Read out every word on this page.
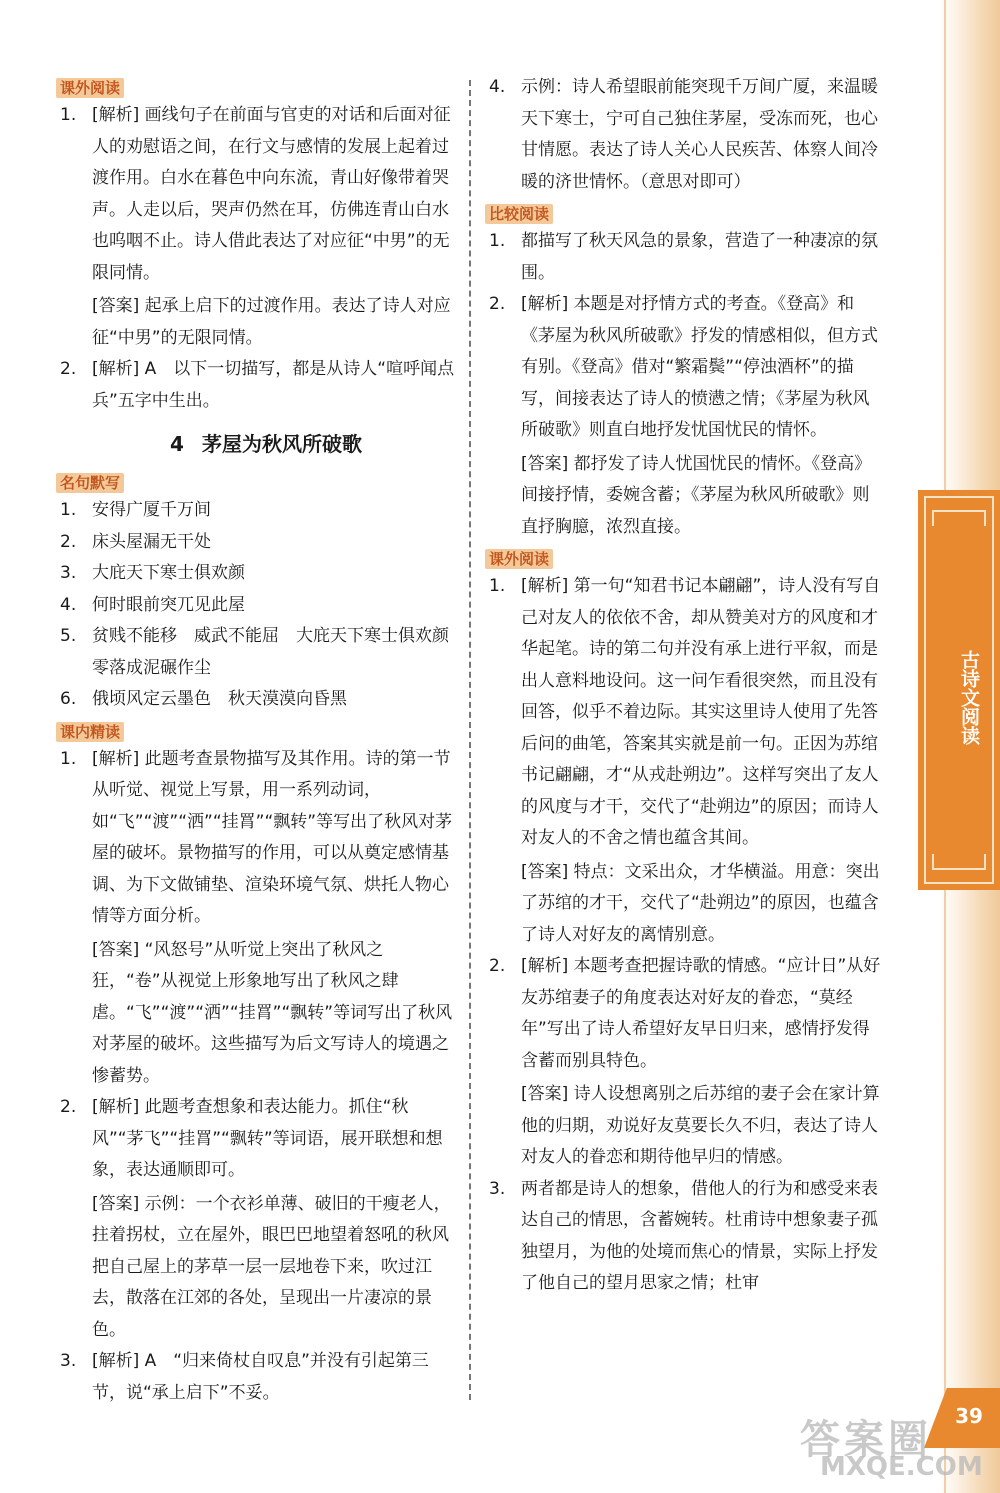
古诗文阅读
课外阅读
1. [解析] 画线句子在前面与官吏的对话和后面对征人的劝慰语之间，在行文与感情的发展上起着过渡作用。白水在暮色中向东流，青山好像带着哭声。人走以后，哭声仍然在耳，仿佛连青山白水也呜咽不止。诗人借此表达了对应征“中男”的无限同情。
[答案] 起承上启下的过渡作用。表达了诗人对应征“中男”的无限同情。
2. [解析] A　以下一切描写，都是从诗人“喧呼闻点兵”五字中生出。
4 茅屋为秋风所破歌
名句默写
1. 安得广厦千万间
2. 床头屋漏无干处
3. 大庇天下寒士俱欢颜
4. 何时眼前突兀见此屋
5. 贫贱不能移　威武不能屈　大庇天下寒士俱欢颜　零落成泥碾作尘
6. 俄顷风定云墨色　秋天漠漠向昏黑
课内精读
1. [解析] 此题考查景物描写及其作用。诗的第一节从听觉、视觉上写景，用一系列动词，如“飞”“渡”“洒”“挂罥”“飘转”等写出了秋风对茅屋的破坏。景物描写的作用，可以从奠定感情基调、为下文做铺垫、渲染环境气氛、烘托人物心情等方面分析。
[答案] “风怒号”从听觉上突出了秋风之狂，“卷”从视觉上形象地写出了秋风之肆虐。“飞”“渡”“洒”“挂罥”“飘转”等词写出了秋风对茅屋的破坏。这些描写为后文写诗人的境遇之惨蓄势。
2. [解析] 此题考查想象和表达能力。抓住“秋风”“茅飞”“挂罥”“飘转”等词语，展开联想和想象，表达通顺即可。
[答案] 示例：一个衣衫单薄、破旧的干瘦老人，拄着拐杖，立在屋外，眼巴巴地望着怒吼的秋风把自己屋上的茅草一层一层地卷下来，吹过江去，散落在江郊的各处，呈现出一片凄凉的景色。
3. [解析] A　“归来倚杖自叹息”并没有引起第三节，说“承上启下”不妥。
4. 示例：诗人希望眼前能突现千万间广厦，来温暖天下寒士，宁可自己独住茅屋，受冻而死，也心甘情愿。表达了诗人关心人民疾苦、体察人间冷暖的济世情怀。（意思对即可）
比较阅读
1. 都描写了秋天风急的景象，营造了一种凄凉的氛围。
2. [解析] 本题是对抒情方式的考查。《登高》和《茅屋为秋风所破歌》抒发的情感相似，但方式有别。《登高》借对“繁霜鬓”“停浊酒杯”的描写，间接表达了诗人的愤懑之情；《茅屋为秋风所破歌》则直白地抒发忧国忧民的情怀。
[答案] 都抒发了诗人忧国忧民的情怀。《登高》间接抒情，委婉含蓄；《茅屋为秋风所破歌》则直抒胸臆，浓烈直接。
课外阅读
1. [解析] 第一句“知君书记本翩翩”，诗人没有写自己对友人的依依不舍，却从赞美对方的风度和才华起笔。诗的第二句并没有承上进行平叙，而是出人意料地设问。这一问乍看很突然，而且没有回答，似乎不着边际。其实这里诗人使用了先答后问的曲笔，答案其实就是前一句。正因为苏绾书记翩翩，才“从戎赴朔边”。这样写突出了友人的风度与才干，交代了“赴朔边”的原因；而诗人对友人的不舍之情也蕴含其间。
[答案] 特点：文采出众，才华横溢。用意：突出了苏绾的才干，交代了“赴朔边”的原因，也蕴含了诗人对好友的离情别意。
2. [解析] 本题考查把握诗歌的情感。“应计日”从好友苏绾妻子的角度表达对好友的眷恋，“莫经年”写出了诗人希望好友早日归来，感情抒发得含蓄而别具特色。
[答案] 诗人设想离别之后苏绾的妻子会在家计算他的归期，劝说好友莫要长久不归，表达了诗人对友人的眷恋和期待他早归的情感。
3. 两者都是诗人的想象，借他人的行为和感受来表达自己的情思，含蓄婉转。杜甫诗中想象妻子孤独望月，为他的处境而焦心的情景，实际上抒发了他自己的望月思家之情；杜审
39
答案圈
MXQE.COM
